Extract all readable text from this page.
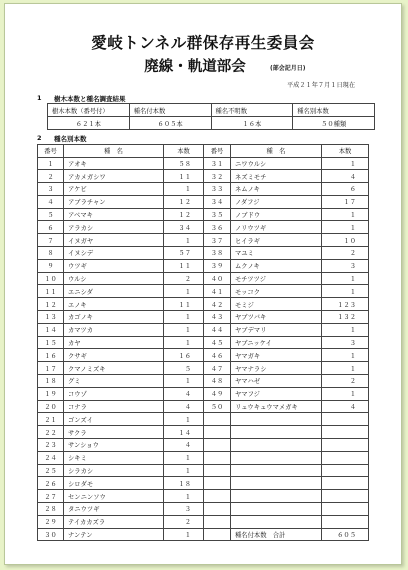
愛岐トンネル群保存再生委員会
廃線・軌道部会	(部会記月日)
平成２１年７月１日現在
1 樹木本数と種名調査結果
樹木本数（番号付）	種名付本数	種名不明数	種名別本数
６２１本	６０５本	１６本	５０種類
2 種名別本数
番号	種　名	本数	番号	種　名	本数
１	アオキ	５８	３１	ニワウルシ	１
２	アカメガシワ	１１	３２	ネズミモチ	４
３	アケビ	１	３３	ネムノキ	６
４	アブラチャン	１２	３４	ノダフジ	１７
５	アベマキ	１２	３５	ノブドウ	１
６	アラカシ	３４	３６	ノリウツギ	１
７	イヌガヤ	１	３７	ヒイラギ	１０
８	イヌシデ	５７	３８	マユミ	２
９	ウツギ	１１	３９	ムクノキ	３
１０	ウルシ	２	４０	モチツツジ	１
１１	エニシダ	１	４１	モッコク	１
１２	エノキ	１１	４２	モミジ	１２３
１３	カゴノキ	１	４３	ヤブツバキ	１３２
１４	カマツカ	１	４４	ヤブデマリ	１
１５	カヤ	１	４５	ヤブニッケイ	３
１６	クサギ	１６	４６	ヤマガキ	１
１７	クマノミズキ	５	４７	ヤマナラシ	１
１８	グミ	１	４８	ヤマハゼ	２
１９	コウゾ	４	４９	ヤマフジ	１
２０	コナラ	４	５０	リュウキュウマメガキ	４
２１	ゴンズイ	１			
２２	サクラ	１４			
２３	サンショウ	４			
２４	シキミ	１			
２５	シラカシ	１			
２６	シロダモ	１８			
２７	センニンソウ	１			
２８	タニウツギ	３			
２９	テイカカズラ	２			
３０	ナンテン	１		種名付本数　合計	６０５
